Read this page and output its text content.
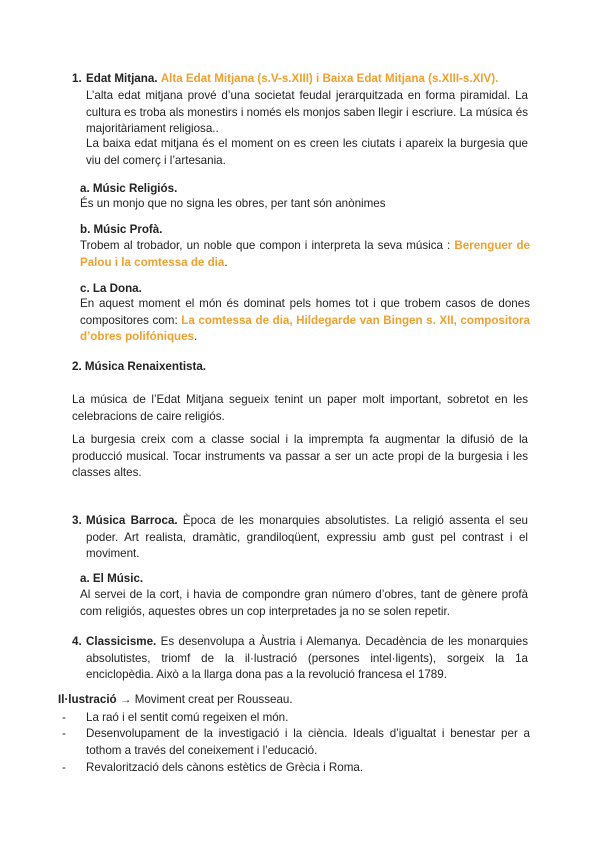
1. Edat Mitjana. Alta Edat Mitjana (s.V-s.XIII) i Baixa Edat Mitjana (s.XIII-s.XIV).

L’alta edat mitjana prové d’una societat feudal jerarquitzada en forma piramidal. La cultura es troba als monestirs i només els monjos saben llegir i escriure. La música és majoritàriament religiosa..

La baixa edat mitjana és el moment on es creen les ciutats i apareix la burgesia que viu del comerç i l’artesania.

a. Músic Religiós.

És un monjo que no signa les obres, per tant són anònimes

b. Músic Profà.

Trobem al trobador, un noble que compon i interpreta la seva música : Berenguer de Palou i la comtessa de dia.

c. La Dona.

En aquest moment el món és dominat pels homes tot i que trobem casos de dones compositores com: La comtessa de dia, Hildegarde van Bingen s. XII, compositora d’obres polifóniques.

2. Música Renaixentista.

La música de l’Edat Mitjana segueix tenint un paper molt important, sobretot en les celebracions de caire religiós.

La burgesia creix com a classe social i la imprempta fa augmentar la difusió de la producció musical. Tocar instruments va passar a ser un acte propi de la burgesia i les classes altes.

3. Música Barroca. Època de les monarquies absolutistes. La religió assenta el seu poder. Art realista, dramàtic, grandiloqüent, expressiu amb gust pel contrast i el moviment.

a. El Músic.

Al servei de la cort, i havia de compondre gran número d’obres, tant de gènere profà com religiós, aquestes obres un cop interpretades ja no se solen repetir.

4. Classicisme. Es desenvolupa a Àustria i Alemanya. Decadència de les monarquies absolutistes, triomf de la il·lustració (persones intel·ligents), sorgeix la 1a enciclopèdia. Això a la llarga dona pas a la revolució francesa el 1789.

Il·lustració → Moviment creat per Rousseau.
- La raó i el sentit comú regeixen el món.
- Desenvolupament de la investigació i la ciència. Ideals d’igualtat i benestar per a tothom a través del coneixement i l’educació.
- Revalorització dels cànons estètics de Grècia i Roma.
